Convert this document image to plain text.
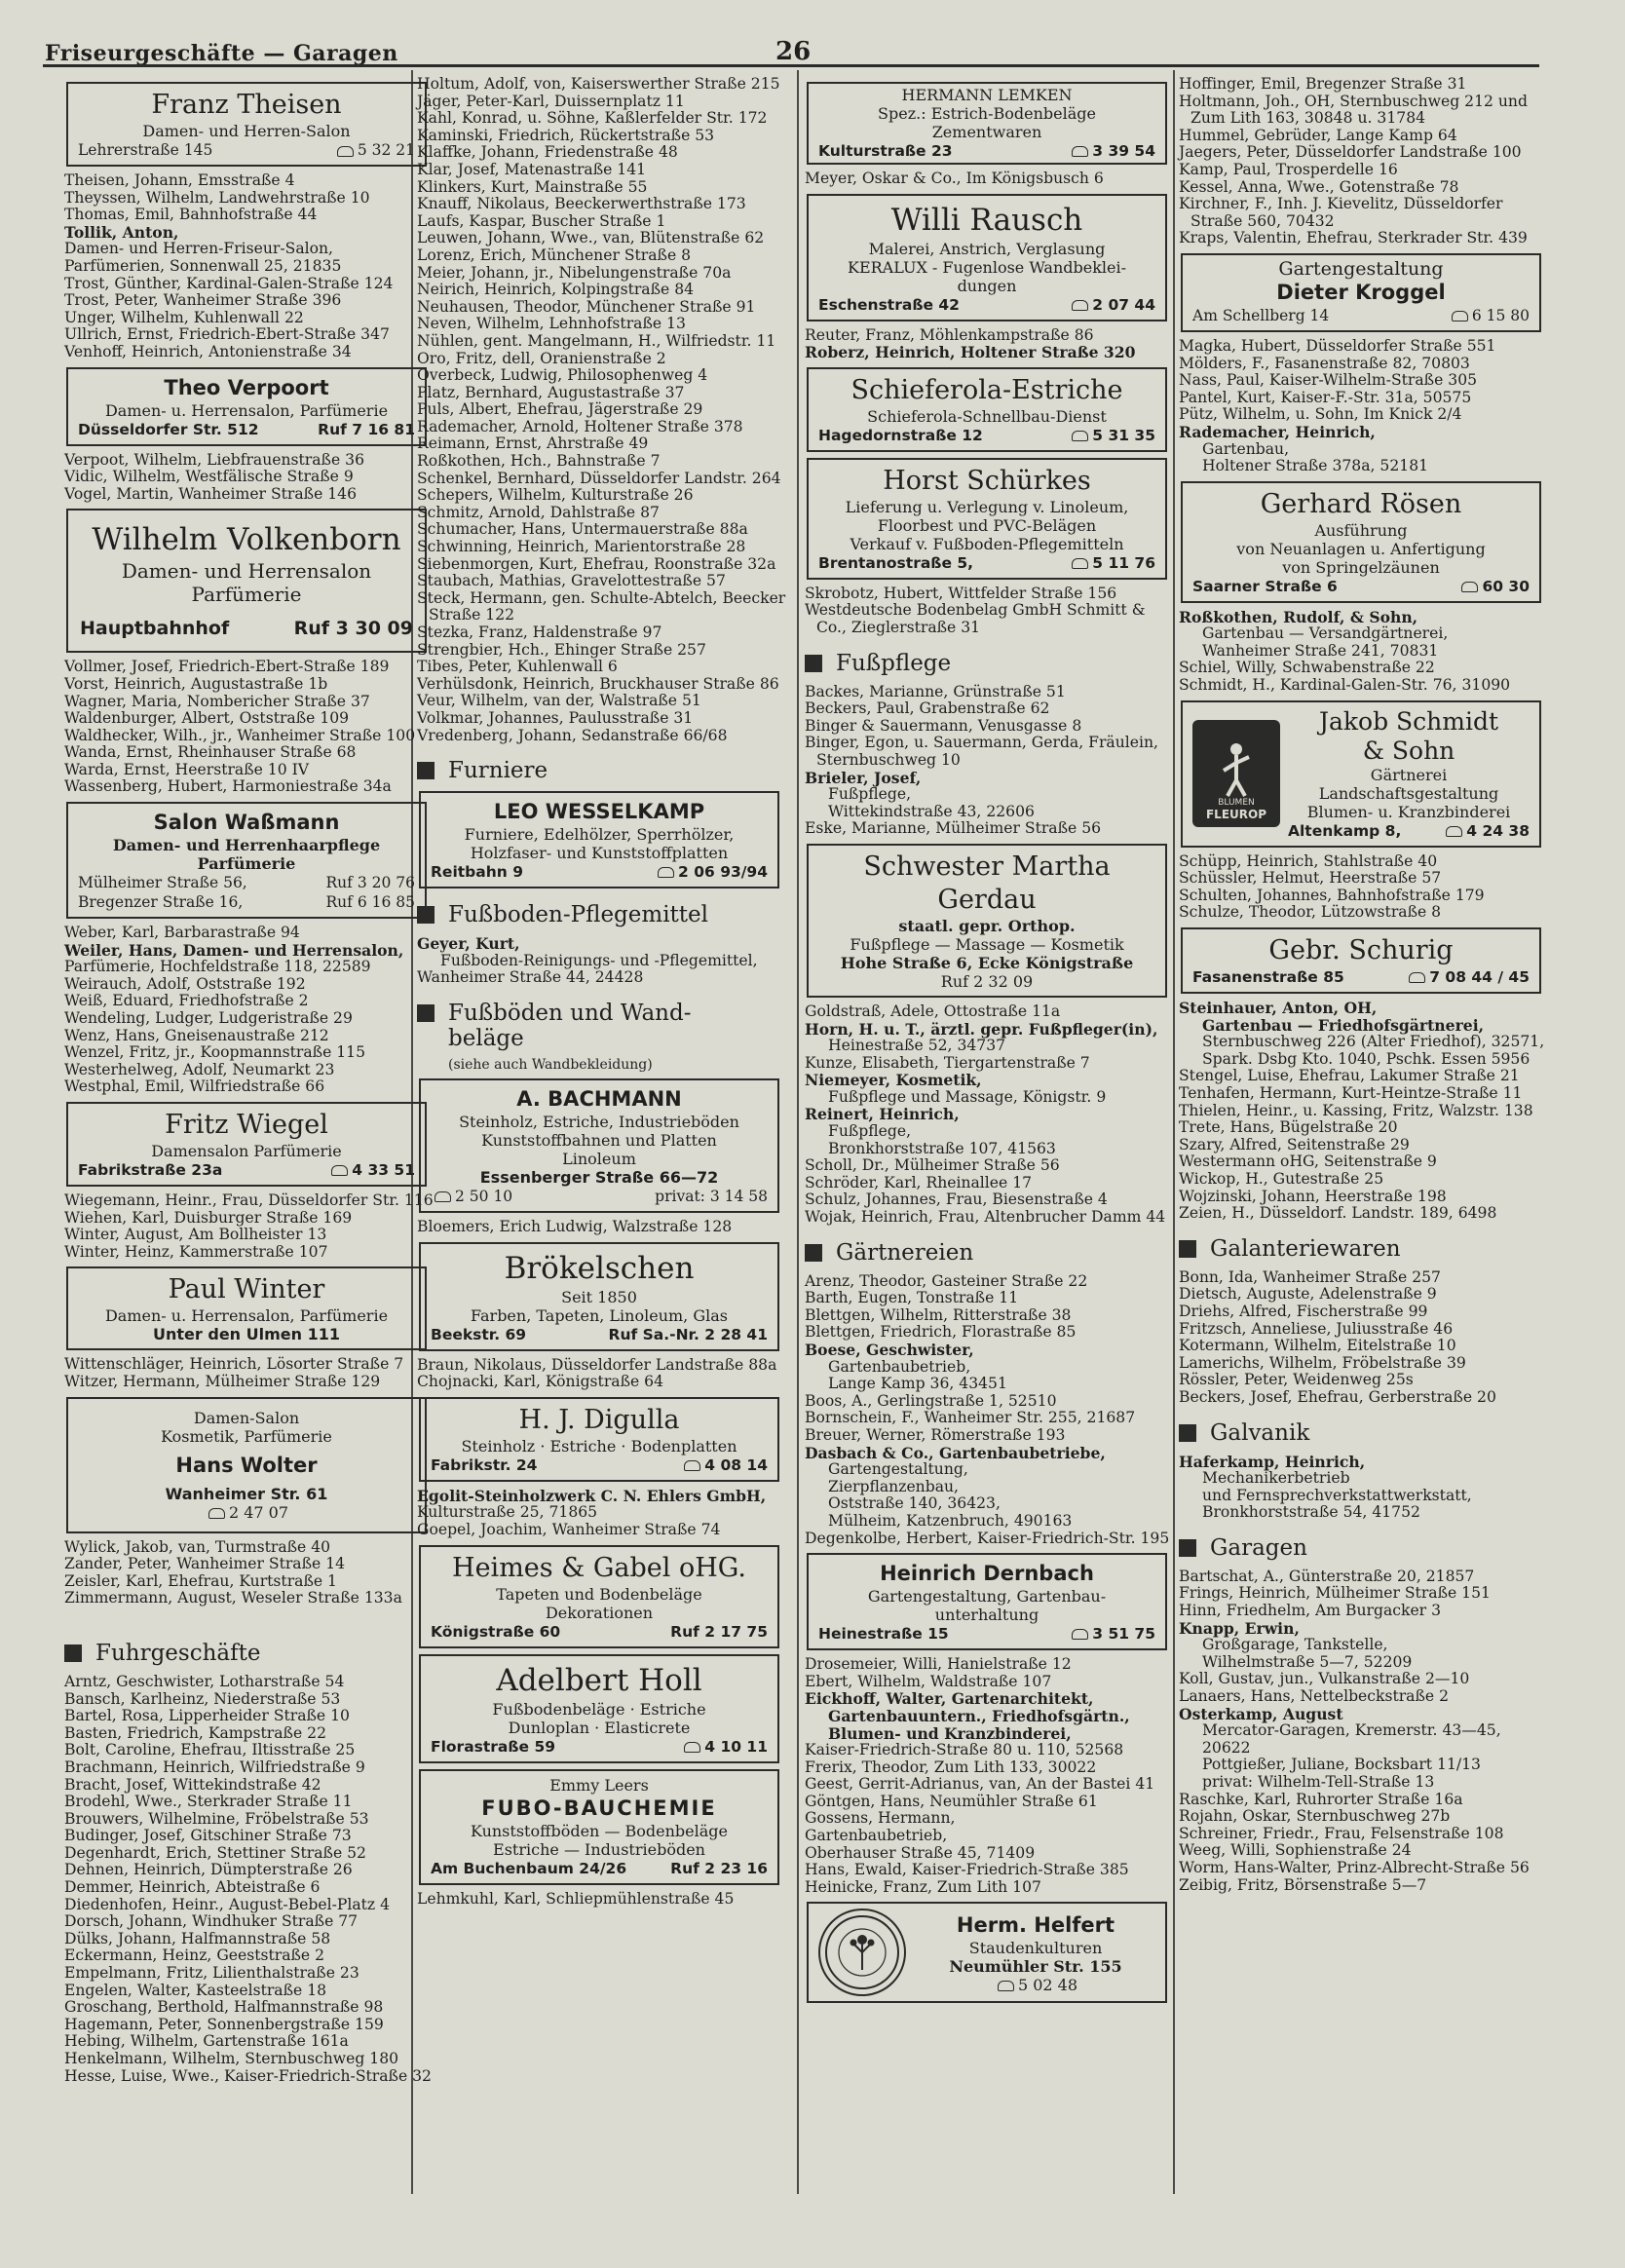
Friseurgeschäfte — Garagen	26
Franz Theisen
Damen- und Herren-Salon
Lehrerstraße 145	5 32 21
Theisen, Johann, Emsstraße 4
Theyssen, Wilhelm, Landwehrstraße 10
Thomas, Emil, Bahnhofstraße 44
Tollik, Anton,
Damen- und Herren-Friseur-Salon,
Parfümerien, Sonnenwall 25, 21835
Trost, Günther, Kardinal-Galen-Straße 124
Trost, Peter, Wanheimer Straße 396
Unger, Wilhelm, Kuhlenwall 22
Ullrich, Ernst, Friedrich-Ebert-Straße 347
Venhoff, Heinrich, Antonienstraße 34
Theo Verpoort
Damen- u. Herrensalon, Parfümerie
Düsseldorfer Str. 512	Ruf 7 16 81
Verpoot, Wilhelm, Liebfrauenstraße 36
Vidic, Wilhelm, Westfälische Straße 9
Vogel, Martin, Wanheimer Straße 146
Wilhelm Volkenborn
Damen- und Herrensalon
Parfümerie
Hauptbahnhof	Ruf 3 30 09
Vollmer, Josef, Friedrich-Ebert-Straße 189
Vorst, Heinrich, Augustastraße 1b
Wagner, Maria, Nombericher Straße 37
Waldenburger, Albert, Oststraße 109
Waldhecker, Wilh., jr., Wanheimer Straße 100
Wanda, Ernst, Rheinhauser Straße 68
Warda, Ernst, Heerstraße 10 IV
Wassenberg, Hubert, Harmoniestraße 34a
Salon Waßmann
Damen- und Herrenhaarpflege
Parfümerie
Mülheimer Straße 56,	Ruf 3 20 76
Bregenzer Straße 16,	Ruf 6 16 85
Weber, Karl, Barbarastraße 94
Weiler, Hans, Damen- und Herrensalon,
Parfümerie, Hochfeldstraße 118, 22589
Weirauch, Adolf, Oststraße 192
Weiß, Eduard, Friedhofstraße 2
Wendeling, Ludger, Ludgeristraße 29
Wenz, Hans, Gneisenaustraße 212
Wenzel, Fritz, jr., Koopmannstraße 115
Westerhelweg, Adolf, Neumarkt 23
Westphal, Emil, Wilfriedstraße 66
Fritz Wiegel
Damensalon Parfümerie
Fabrikstraße 23a	4 33 51
Wiegemann, Heinr., Frau, Düsseldorfer Str. 116
Wiehen, Karl, Duisburger Straße 169
Winter, August, Am Bollheister 13
Winter, Heinz, Kammerstraße 107
Paul Winter
Damen- u. Herrensalon, Parfümerie
Unter den Ulmen 111
Wittenschläger, Heinrich, Lösorter Straße 7
Witzer, Hermann, Mülheimer Straße 129
Damen-Salon
Kosmetik, Parfümerie
Hans Wolter
Wanheimer Str. 61
2 47 07
Wylick, Jakob, van, Turmstraße 40
Zander, Peter, Wanheimer Straße 14
Zeisler, Karl, Ehefrau, Kurtstraße 1
Zimmermann, August, Weseler Straße 133a
Fuhrgeschäfte
Arntz, Geschwister, Lotharstraße 54
Bansch, Karlheinz, Niederstraße 53
Bartel, Rosa, Lipperheider Straße 10
Basten, Friedrich, Kampstraße 22
Bolt, Caroline, Ehefrau, Iltisstraße 25
Brachmann, Heinrich, Wilfriedstraße 9
Bracht, Josef, Wittekindstraße 42
Brodehl, Wwe., Sterkrader Straße 11
Brouwers, Wilhelmine, Fröbelstraße 53
Budinger, Josef, Gitschiner Straße 73
Degenhardt, Erich, Stettiner Straße 52
Dehnen, Heinrich, Dümpterstraße 26
Demmer, Heinrich, Abteistraße 6
Diedenhofen, Heinr., August-Bebel-Platz 4
Dorsch, Johann, Windhuker Straße 77
Dülks, Johann, Halfmannstraße 58
Eckermann, Heinz, Geeststraße 2
Empelmann, Fritz, Lilienthalstraße 23
Engelen, Walter, Kasteelstraße 18
Groschang, Berthold, Halfmannstraße 98
Hagemann, Peter, Sonnenbergstraße 159
Hebing, Wilhelm, Gartenstraße 161a
Henkelmann, Wilhelm, Sternbuschweg 180
Hesse, Luise, Wwe., Kaiser-Friedrich-Straße 32
Holtum, Adolf, von, Kaiserswerther Straße 215
Jäger, Peter-Karl, Duissernplatz 11
Kahl, Konrad, u. Söhne, Kaßlerfelder Str. 172
Kaminski, Friedrich, Rückertstraße 53
Klaffke, Johann, Friedenstraße 48
Klar, Josef, Matenastraße 141
Klinkers, Kurt, Mainstraße 55
Knauff, Nikolaus, Beeckerwerthstraße 173
Laufs, Kaspar, Buscher Straße 1
Leuwen, Johann, Wwe., van, Blütenstraße 62
Lorenz, Erich, Münchener Straße 8
Meier, Johann, jr., Nibelungenstraße 70a
Neirich, Heinrich, Kolpingstraße 84
Neuhausen, Theodor, Münchener Straße 91
Neven, Wilhelm, Lehnhofstraße 13
Nühlen, gent. Mangelmann, H., Wilfriedstr. 11
Oro, Fritz, dell, Oranienstraße 2
Overbeck, Ludwig, Philosophenweg 4
Platz, Bernhard, Augustastraße 37
Puls, Albert, Ehefrau, Jägerstraße 29
Rademacher, Arnold, Holtener Straße 378
Reimann, Ernst, Ahrstraße 49
Roßkothen, Hch., Bahnstraße 7
Schenkel, Bernhard, Düsseldorfer Landstr. 264
Schepers, Wilhelm, Kulturstraße 26
Schmitz, Arnold, Dahlstraße 87
Schumacher, Hans, Untermauerstraße 88a
Schwinning, Heinrich, Marientorstraße 28
Siebenmorgen, Kurt, Ehefrau, Roonstraße 32a
Staubach, Mathias, Gravelottestraße 57
Steck, Hermann, gen. Schulte-Abtelch, Beecker Straße 122
Stezka, Franz, Haldenstraße 97
Strengbier, Hch., Ehinger Straße 257
Tibes, Peter, Kuhlenwall 6
Verhülsdonk, Heinrich, Bruckhauser Straße 86
Veur, Wilhelm, van der, Walstraße 51
Volkmar, Johannes, Paulusstraße 31
Vredenberg, Johann, Sedanstraße 66/68
Furniere
LEO WESSELKAMP
Furniere, Edelhölzer, Sperrhölzer,
Holzfaser- und Kunststoffplatten
Reitbahn 9	2 06 93/94
Fußboden-Pflegemittel
Geyer, Kurt,
Fußboden-Reinigungs- und -Pflegemittel,
Wanheimer Straße 44, 24428
Fußböden und Wand-
beläge
(siehe auch Wandbekleidung)
A. BACHMANN
Steinholz, Estriche, Industrieböden
Kunststoffbahnen und Platten
Linoleum
Essenberger Straße 66—72
2 50 10	privat: 3 14 58
Bloemers, Erich Ludwig, Walzstraße 128
Brökelschen
Seit 1850
Farben, Tapeten, Linoleum, Glas
Beekstr. 69	Ruf Sa.-Nr. 2 28 41
Braun, Nikolaus, Düsseldorfer Landstraße 88a
Chojnacki, Karl, Königstraße 64
H. J. Digulla
Steinholz · Estriche · Bodenplatten
Fabrikstr. 24	4 08 14
Egolit-Steinholzwerk C. N. Ehlers GmbH,
Kulturstraße 25, 71865
Goepel, Joachim, Wanheimer Straße 74
Heimes & Gabel oHG.
Tapeten und Bodenbeläge
Dekorationen
Königstraße 60	Ruf 2 17 75
Adelbert Holl
Fußbodenbeläge · Estriche
Dunloplan · Elasticrete
Florastraße 59	4 10 11
Emmy Leers
FUBO-BAUCHEMIE
Kunststoffböden — Bodenbeläge
Estriche — Industrieböden
Am Buchenbaum 24/26	Ruf 2 23 16
Lehmkuhl, Karl, Schliepmühlenstraße 45
HERMANN LEMKEN
Spez.: Estrich-Bodenbeläge
Zementwaren
Kulturstraße 23	3 39 54
Meyer, Oskar & Co., Im Königsbusch 6
Willi Rausch
Malerei, Anstrich, Verglasung
KERALUX - Fugenlose Wandbeklei-
dungen
Eschenstraße 42	2 07 44
Reuter, Franz, Möhlenkampstraße 86
Roberz, Heinrich, Holtener Straße 320
Schieferola-Estriche
Schieferola-Schnellbau-Dienst
Hagedornstraße 12	5 31 35
Horst Schürkes
Lieferung u. Verlegung v. Linoleum,
Floorbest und PVC-Belägen
Verkauf v. Fußboden-Pflegemitteln
Brentanostraße 5,	5 11 76
Skrobotz, Hubert, Wittfelder Straße 156
Westdeutsche Bodenbelag GmbH Schmitt & Co., Zieglerstraße 31
Fußpflege
Backes, Marianne, Grünstraße 51
Beckers, Paul, Grabenstraße 62
Binger & Sauermann, Venusgasse 8
Binger, Egon, u. Sauermann, Gerda, Fräulein, Sternbuschweg 10
Brieler, Josef,
Fußpflege,
Wittekindstraße 43, 22606
Eske, Marianne, Mülheimer Straße 56
Schwester Martha Gerdau
staatl. gepr. Orthop.
Fußpflege — Massage — Kosmetik
Hohe Straße 6, Ecke Königstraße
Ruf 2 32 09
Goldstraß, Adele, Ottostraße 11a
Horn, H. u. T., ärztl. gepr. Fußpfleger(in),
Heinestraße 52, 34737
Kunze, Elisabeth, Tiergartenstraße 7
Niemeyer, Kosmetik,
Fußpflege und Massage, Königstr. 9
Reinert, Heinrich,
Fußpflege,
Bronkhorststraße 107, 41563
Scholl, Dr., Mülheimer Straße 56
Schröder, Karl, Rheinallee 17
Schulz, Johannes, Frau, Biesenstraße 4
Wojak, Heinrich, Frau, Altenbrucher Damm 44
Gärtnereien
Arenz, Theodor, Gasteiner Straße 22
Barth, Eugen, Tonstraße 11
Blettgen, Wilhelm, Ritterstraße 38
Blettgen, Friedrich, Florastraße 85
Boese, Geschwister,
Gartenbaubetrieb,
Lange Kamp 36, 43451
Boos, A., Gerlingstraße 1, 52510
Bornschein, F., Wanheimer Str. 255, 21687
Breuer, Werner, Römerstraße 193
Dasbach & Co., Gartenbaubetriebe,
Gartengestaltung,
Zierpflanzenbau,
Oststraße 140, 36423,
Mülheim, Katzenbruch, 490163
Degenkolbe, Herbert, Kaiser-Friedrich-Str. 195
Heinrich Dernbach
Gartengestaltung, Gartenbau-
unterhaltung
Heinestraße 15	3 51 75
Drosemeier, Willi, Hanielstraße 12
Ebert, Wilhelm, Waldstraße 107
Eickhoff, Walter, Gartenarchitekt,
Gartenbauuntern., Friedhofsgärtn.,
Blumen- und Kranzbinderei,
Kaiser-Friedrich-Straße 80 u. 110, 52568
Frerix, Theodor, Zum Lith 133, 30022
Geest, Gerrit-Adrianus, van, An der Bastei 41
Göntgen, Hans, Neumühler Straße 61
Gossens, Hermann,
Gartenbaubetrieb,
Oberhauser Straße 45, 71409
Hans, Ewald, Kaiser-Friedrich-Straße 385
Heinicke, Franz, Zum Lith 107
Herm. Helfert
Staudenkulturen
Neumühler Str. 155
5 02 48
Hoffinger, Emil, Bregenzer Straße 31
Holtmann, Joh., OH, Sternbuschweg 212 und Zum Lith 163, 30848 u. 31784
Hummel, Gebrüder, Lange Kamp 64
Jaegers, Peter, Düsseldorfer Landstraße 100
Kamp, Paul, Trosperdelle 16
Kessel, Anna, Wwe., Gotenstraße 78
Kirchner, F., Inh. J. Kievelitz, Düsseldorfer Straße 560, 70432
Kraps, Valentin, Ehefrau, Sterkrader Str. 439
Gartengestaltung
Dieter Kroggel
Am Schellberg 14	6 15 80
Magka, Hubert, Düsseldorfer Straße 551
Mölders, F., Fasanenstraße 82, 70803
Nass, Paul, Kaiser-Wilhelm-Straße 305
Pantel, Kurt, Kaiser-F.-Str. 31a, 50575
Pütz, Wilhelm, u. Sohn, Im Knick 2/4
Rademacher, Heinrich,
Gartenbau,
Holtener Straße 378a, 52181
Gerhard Rösen
Ausführung
von Neuanlagen u. Anfertigung
von Springelzäunen
Saarner Straße 6	60 30
Roßkothen, Rudolf, & Sohn,
Gartenbau — Versandgärtnerei,
Wanheimer Straße 241, 70831
Schiel, Willy, Schwabenstraße 22
Schmidt, H., Kardinal-Galen-Str. 76, 31090
BLUMEN
FLEUROP
Jakob Schmidt
& Sohn
Gärtnerei
Landschaftsgestaltung
Blumen- u. Kranzbinderei
Altenkamp 8,	4 24 38
Schüpp, Heinrich, Stahlstraße 40
Schüssler, Helmut, Heerstraße 57
Schulten, Johannes, Bahnhofstraße 179
Schulze, Theodor, Lützowstraße 8
Gebr. Schurig
Fasanenstraße 85	7 08 44 / 45
Steinhauer, Anton, OH,
Gartenbau — Friedhofsgärtnerei,
Sternbuschweg 226 (Alter Friedhof), 32571,
Spark. Dsbg Kto. 1040, Pschk. Essen 5956
Stengel, Luise, Ehefrau, Lakumer Straße 21
Tenhafen, Hermann, Kurt-Heintze-Straße 11
Thielen, Heinr., u. Kassing, Fritz, Walzstr. 138
Trete, Hans, Bügelstraße 20
Szary, Alfred, Seitenstraße 29
Westermann oHG, Seitenstraße 9
Wickop, H., Gutestraße 25
Wojzinski, Johann, Heerstraße 198
Zeien, H., Düsseldorf. Landstr. 189, 6498
Galanteriewaren
Bonn, Ida, Wanheimer Straße 257
Dietsch, Auguste, Adelenstraße 9
Driehs, Alfred, Fischerstraße 99
Fritzsch, Anneliese, Juliusstraße 46
Kotermann, Wilhelm, Eitelstraße 10
Lamerichs, Wilhelm, Fröbelstraße 39
Rössler, Peter, Weidenweg 25s
Beckers, Josef, Ehefrau, Gerberstraße 20
Galvanik
Haferkamp, Heinrich,
Mechanikerbetrieb
und Fernsprechverkstattwerkstatt,
Bronkhorststraße 54, 41752
Garagen
Bartschat, A., Günterstraße 20, 21857
Frings, Heinrich, Mülheimer Straße 151
Hinn, Friedhelm, Am Burgacker 3
Knapp, Erwin,
Großgarage, Tankstelle,
Wilhelmstraße 5—7, 52209
Koll, Gustav, jun., Vulkanstraße 2—10
Lanaers, Hans, Nettelbeckstraße 2
Osterkamp, August
Mercator-Garagen, Kremerstr. 43—45, 20622
Pottgießer, Juliane, Bocksbart 11/13
privat: Wilhelm-Tell-Straße 13
Raschke, Karl, Ruhrorter Straße 16a
Rojahn, Oskar, Sternbuschweg 27b
Schreiner, Friedr., Frau, Felsenstraße 108
Weeg, Willi, Sophienstraße 24
Worm, Hans-Walter, Prinz-Albrecht-Straße 56
Zeibig, Fritz, Börsenstraße 5—7
